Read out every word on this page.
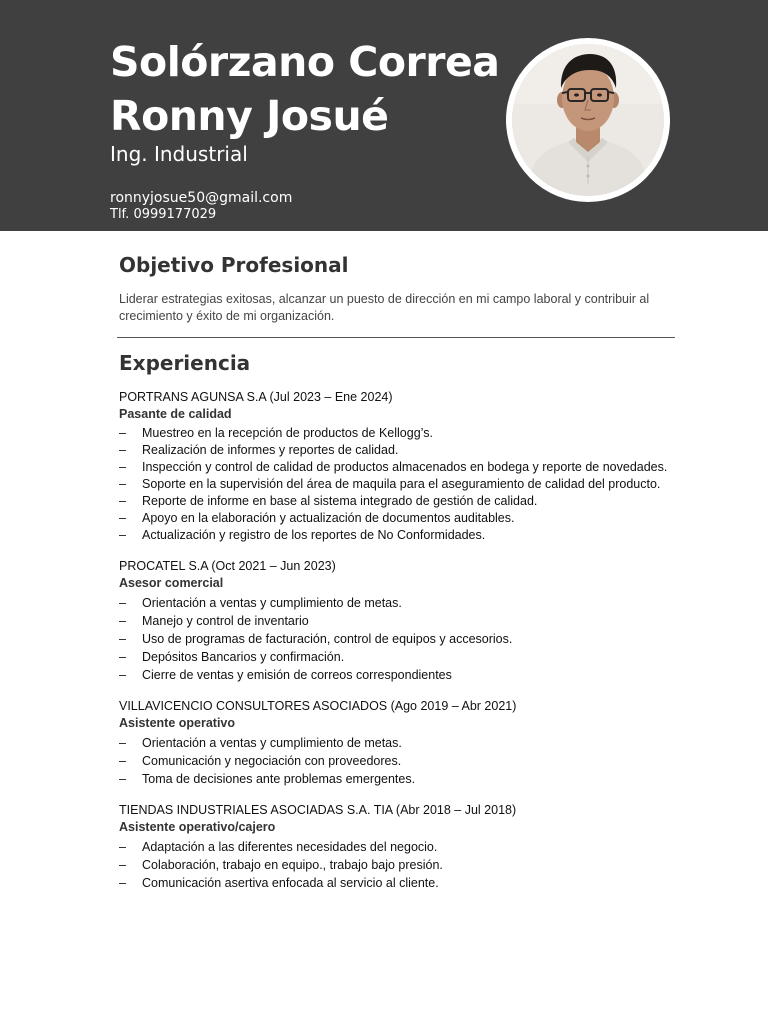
Solórzano Correa
Ronny Josué
Ing. Industrial
ronnyjosue50@gmail.com
Tlf. 0999177029
Objetivo Profesional
Liderar estrategias exitosas, alcanzar un puesto de dirección en mi campo laboral y contribuir al crecimiento y éxito de mi organización.
Experiencia
PORTRANS AGUNSA S.A (Jul 2023 – Ene 2024)
Pasante de calidad
– Muestreo en la recepción de productos de Kellogg’s.
– Realización de informes y reportes de calidad.
– Inspección y control de calidad de productos almacenados en bodega y reporte de novedades.
– Soporte en la supervisión del área de maquila para el aseguramiento de calidad del producto.
– Reporte de informe en base al sistema integrado de gestión de calidad.
– Apoyo en la elaboración y actualización de documentos auditables.
– Actualización y registro de los reportes de No Conformidades.
PROCATEL S.A (Oct 2021 – Jun 2023)
Asesor comercial
– Orientación a ventas y cumplimiento de metas.
– Manejo y control de inventario
– Uso de programas de facturación, control de equipos y accesorios.
– Depósitos Bancarios y confirmación.
– Cierre de ventas y emisión de correos correspondientes
VILLAVICENCIO CONSULTORES ASOCIADOS (Ago 2019 – Abr 2021)
Asistente operativo
– Orientación a ventas y cumplimiento de metas.
– Comunicación y negociación con proveedores.
– Toma de decisiones ante problemas emergentes.
TIENDAS INDUSTRIALES ASOCIADAS S.A. TIA (Abr 2018 – Jul 2018)
Asistente operativo/cajero
– Adaptación a las diferentes necesidades del negocio.
– Colaboración, trabajo en equipo., trabajo bajo presión.
– Comunicación asertiva enfocada al servicio al cliente.
